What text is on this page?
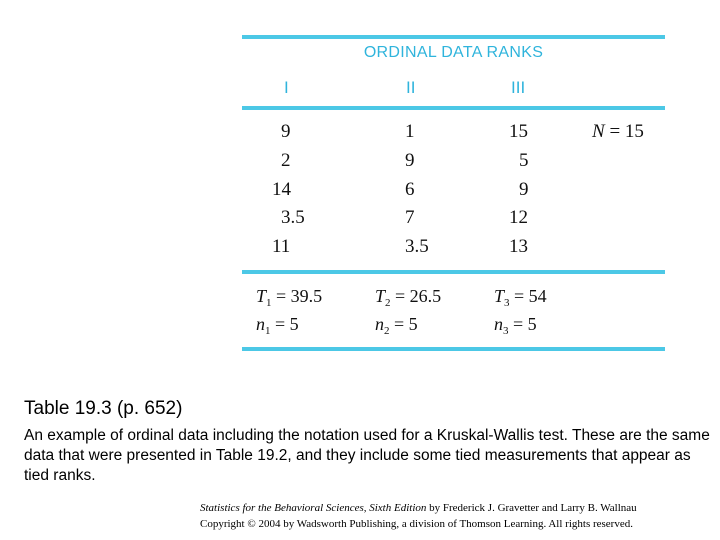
ORDINAL DATA RANKS
I	II	III
9	1	15
2	9	5
14	6	9
3.5	7	12
11	3.5	13
N = 15
$T_1 = 39.5$	$T_2 = 26.5$	$T_3 = 54$
$n_1 = 5$	$n_2 = 5$	$n_3 = 5$
Table 19.3 (p. 652)
An example of ordinal data including the notation used for a Kruskal-Wallis test. These are the same data that were presented in Table 19.2, and they include some tied measurements that appear as tied ranks.
Statistics for the Behavioral Sciences, Sixth Edition by Frederick J. Gravetter and Larry B. Wallnau
Copyright © 2004 by Wadsworth Publishing, a division of Thomson Learning. All rights reserved.
